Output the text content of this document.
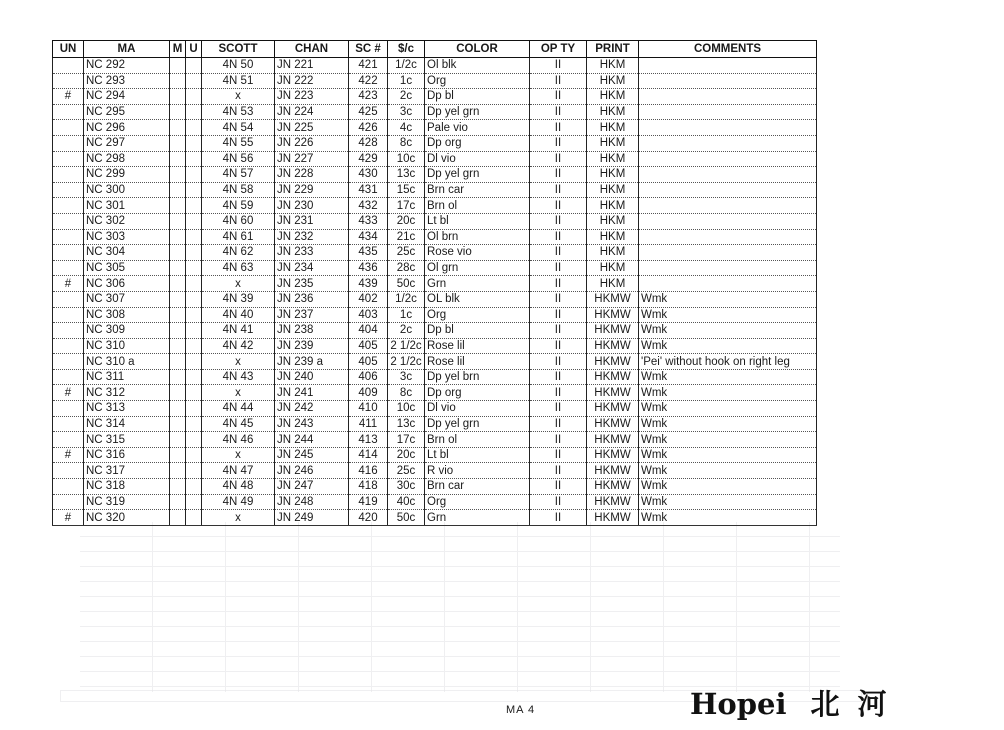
UN	MA	M	U	SCOTT	CHAN	SC #	$/c	COLOR	OP TY	PRINT	COMMENTS
	NC 292			4N 50	JN 221	421	1/2c	Ol blk	II	HKM	
	NC 293			4N 51	JN 222	422	1c	Org	II	HKM	
#	NC 294			x	JN 223	423	2c	Dp bl	II	HKM	
	NC 295			4N 53	JN 224	425	3c	Dp yel grn	II	HKM	
	NC 296			4N 54	JN 225	426	4c	Pale vio	II	HKM	
	NC 297			4N 55	JN 226	428	8c	Dp org	II	HKM	
	NC 298			4N 56	JN 227	429	10c	Dl vio	II	HKM	
	NC 299			4N 57	JN 228	430	13c	Dp yel grn	II	HKM	
	NC 300			4N 58	JN 229	431	15c	Brn car	II	HKM	
	NC 301			4N 59	JN 230	432	17c	Brn ol	II	HKM	
	NC 302			4N 60	JN 231	433	20c	Lt bl	II	HKM	
	NC 303			4N 61	JN 232	434	21c	Ol brn	II	HKM	
	NC 304			4N 62	JN 233	435	25c	Rose vio	II	HKM	
	NC 305			4N 63	JN 234	436	28c	Ol grn	II	HKM	
#	NC 306			x	JN 235	439	50c	Grn	II	HKM	
	NC 307			4N 39	JN 236	402	1/2c	OL blk	II	HKMW	Wmk
	NC 308			4N 40	JN 237	403	1c	Org	II	HKMW	Wmk
	NC 309			4N 41	JN 238	404	2c	Dp bl	II	HKMW	Wmk
	NC 310			4N 42	JN 239	405	2 1/2c	Rose lil	II	HKMW	Wmk
	NC 310 a			x	JN 239 a	405	2 1/2c	Rose lil	II	HKMW	'Pei' without hook on right leg
	NC 311			4N 43	JN 240	406	3c	Dp yel brn	II	HKMW	Wmk
#	NC 312			x	JN 241	409	8c	Dp org	II	HKMW	Wmk
	NC 313			4N 44	JN 242	410	10c	Dl vio	II	HKMW	Wmk
	NC 314			4N 45	JN 243	411	13c	Dp yel grn	II	HKMW	Wmk
	NC 315			4N 46	JN 244	413	17c	Brn ol	II	HKMW	Wmk
#	NC 316			x	JN 245	414	20c	Lt bl	II	HKMW	Wmk
	NC 317			4N 47	JN 246	416	25c	R vio	II	HKMW	Wmk
	NC 318			4N 48	JN 247	418	30c	Brn car	II	HKMW	Wmk
	NC 319			4N 49	JN 248	419	40c	Org	II	HKMW	Wmk
#	NC 320			x	JN 249	420	50c	Grn	II	HKMW	Wmk
MA 4	Hopei 北河
